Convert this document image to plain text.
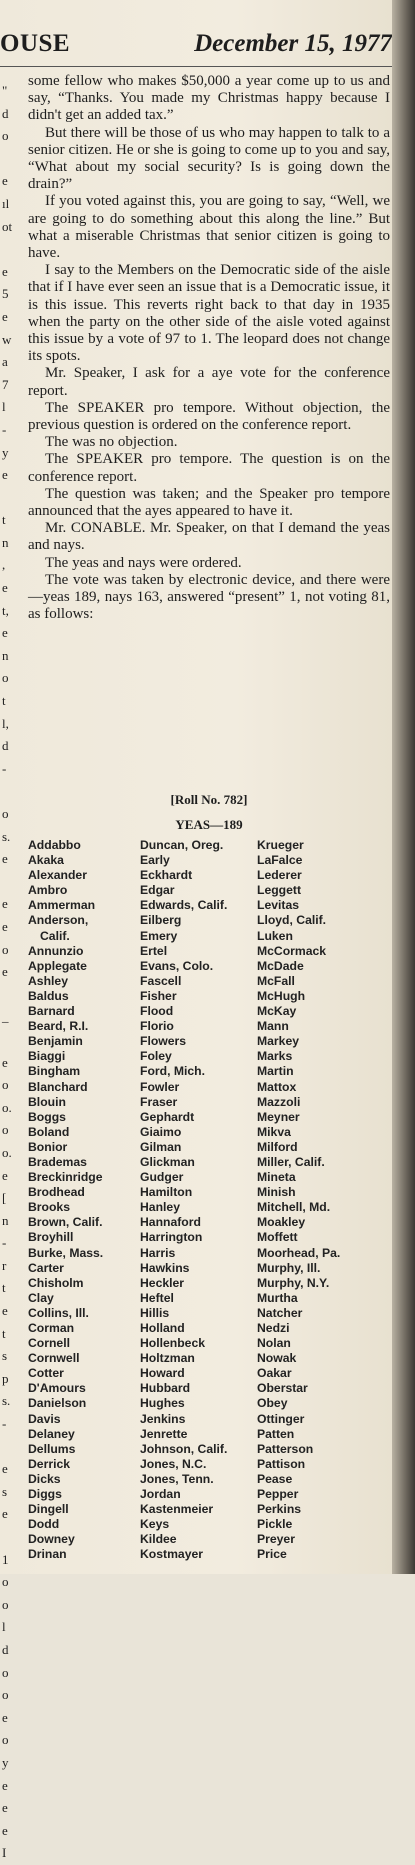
OUSE	December 15, 1977
"
d
o
e
ıl
ot
e
5
e
w
a
7
l
-
y
e
t
n
,
e
t,
e
n
o
t
l,
d
-
o
s.
e
e
e
o
e
_
e
o
o.
o
o.
e
[
n
-
r
t
e
t
s
p
s.
-
e
s
e
1
o
o
l
d
o
o
e
o
y
e
e
e
I

some fellow who makes $50,000 a year come up to us and say, “Thanks. You made my Christmas happy because I didn't get an added tax.”

But there will be those of us who may happen to talk to a senior citizen. He or she is going to come up to you and say, “What about my social security? Is is going down the drain?”

If you voted against this, you are going to say, “Well, we are going to do something about this along the line.” But what a miserable Christmas that senior citizen is going to have.

I say to the Members on the Democratic side of the aisle that if I have ever seen an issue that is a Democratic issue, it is this issue. This reverts right back to that day in 1935 when the party on the other side of the aisle voted against this issue by a vote of 97 to 1. The leopard does not change its spots.

Mr. Speaker, I ask for a aye vote for the conference report.

The SPEAKER pro tempore. Without objection, the previous question is ordered on the conference report.

The was no objection.

The SPEAKER pro tempore. The question is on the conference report.

The question was taken; and the Speaker pro tempore announced that the ayes appeared to have it.

Mr. CONABLE. Mr. Speaker, on that I demand the yeas and nays.

The yeas and nays were ordered.

The vote was taken by electronic device, and there were—yeas 189, nays 163, answered “present” 1, not voting 81, as follows:

[Roll No. 782]
YEAS—189
Addabbo
Akaka
Alexander
Ambro
Ammerman
Anderson,
Calif.
Annunzio
Applegate
Ashley
Baldus
Barnard
Beard, R.I.
Benjamin
Biaggi
Bingham
Blanchard
Blouin
Boggs
Boland
Bonior
Brademas
Breckinridge
Brodhead
Brooks
Brown, Calif.
Broyhill
Burke, Mass.
Carter
Chisholm
Clay
Collins, Ill.
Corman
Cornell
Cornwell
Cotter
D'Amours
Danielson
Davis
Delaney
Dellums
Derrick
Dicks
Diggs
Dingell
Dodd
Downey
Drinan
Duncan, Oreg.
Early
Eckhardt
Edgar
Edwards, Calif.
Eilberg
Emery
Ertel
Evans, Colo.
Fascell
Fisher
Flood
Florio
Flowers
Foley
Ford, Mich.
Fowler
Fraser
Gephardt
Giaimo
Gilman
Glickman
Gudger
Hamilton
Hanley
Hannaford
Harrington
Harris
Hawkins
Heckler
Heftel
Hillis
Holland
Hollenbeck
Holtzman
Howard
Hubbard
Hughes
Jenkins
Jenrette
Johnson, Calif.
Jones, N.C.
Jones, Tenn.
Jordan
Kastenmeier
Keys
Kildee
Kostmayer
Krueger
LaFalce
Lederer
Leggett
Levitas
Lloyd, Calif.
Luken
McCormack
McDade
McFall
McHugh
McKay
Mann
Markey
Marks
Martin
Mattox
Mazzoli
Meyner
Mikva
Milford
Miller, Calif.
Mineta
Minish
Mitchell, Md.
Moakley
Moffett
Moorhead, Pa.
Murphy, Ill.
Murphy, N.Y.
Murtha
Natcher
Nedzi
Nolan
Nowak
Oakar
Oberstar
Obey
Ottinger
Patten
Patterson
Pattison
Pease
Pepper
Perkins
Pickle
Preyer
Price
